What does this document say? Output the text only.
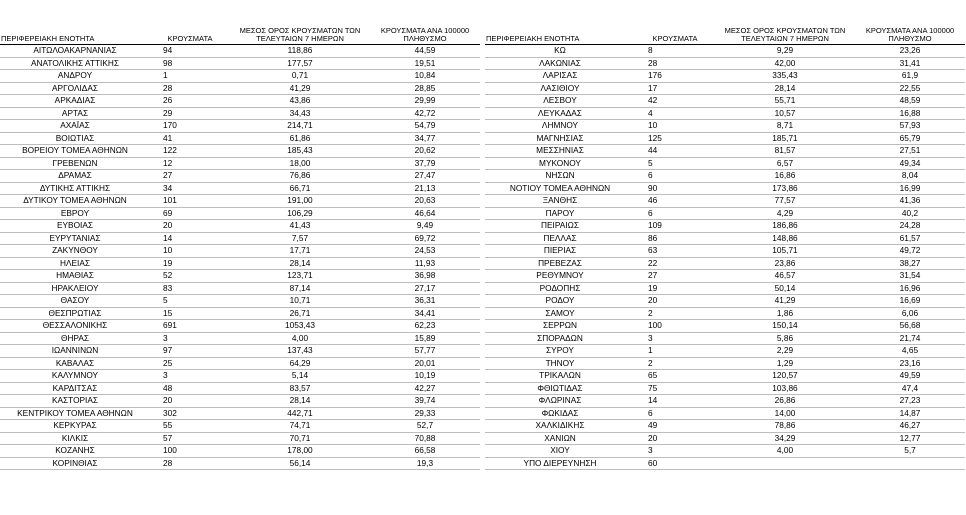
ΠΕΡΙΦΕΡΕΙΑΚΗ ΕΝΟΤΗΤΑ	ΚΡΟΥΣΜΑΤΑ	ΜΕΣΟΣ ΟΡΟΣ ΚΡΟΥΣΜΑΤΩΝ ΤΩΝ ΤΕΛΕΥΤΑΙΩΝ 7 ΗΜΕΡΩΝ	ΚΡΟΥΣΜΑΤΑ ΑΝΑ 100000 ΠΛΗΘΥΣΜΟ
ΑΙΤΩΛΟΑΚΑΡΝΑΝΙΑΣ	94	118,86	44,59
ΑΝΑΤΟΛΙΚΗΣ ΑΤΤΙΚΗΣ	98	177,57	19,51
ΑΝΔΡΟΥ	1	0,71	10,84
ΑΡΓΟΛΙΔΑΣ	28	41,29	28,85
ΑΡΚΑΔΙΑΣ	26	43,86	29,99
ΑΡΤΑΣ	29	34,43	42,72
ΑΧΑΪΑΣ	170	214,71	54,79
ΒΟΙΩΤΙΑΣ	41	61,86	34,77
ΒΟΡΕΙΟΥ ΤΟΜΕΑ ΑΘΗΝΩΝ	122	185,43	20,62
ΓΡΕΒΕΝΩΝ	12	18,00	37,79
ΔΡΑΜΑΣ	27	76,86	27,47
ΔΥΤΙΚΗΣ ΑΤΤΙΚΗΣ	34	66,71	21,13
ΔΥΤΙΚΟΥ ΤΟΜΕΑ ΑΘΗΝΩΝ	101	191,00	20,63
ΕΒΡΟΥ	69	106,29	46,64
ΕΥΒΟΙΑΣ	20	41,43	9,49
ΕΥΡΥΤΑΝΙΑΣ	14	7,57	69,72
ΖΑΚΥΝΘΟΥ	10	17,71	24,53
ΗΛΕΙΑΣ	19	28,14	11,93
ΗΜΑΘΙΑΣ	52	123,71	36,98
ΗΡΑΚΛΕΙΟΥ	83	87,14	27,17
ΘΑΣΟΥ	5	10,71	36,31
ΘΕΣΠΡΩΤΙΑΣ	15	26,71	34,41
ΘΕΣΣΑΛΟΝΙΚΗΣ	691	1053,43	62,23
ΘΗΡΑΣ	3	4,00	15,89
ΙΩΑΝΝΙΝΩΝ	97	137,43	57,77
ΚΑΒΑΛΑΣ	25	64,29	20,01
ΚΑΛΥΜΝΟΥ	3	5,14	10,19
ΚΑΡΔΙΤΣΑΣ	48	83,57	42,27
ΚΑΣΤΟΡΙΑΣ	20	28,14	39,74
ΚΕΝΤΡΙΚΟΥ ΤΟΜΕΑ ΑΘΗΝΩΝ	302	442,71	29,33
ΚΕΡΚΥΡΑΣ	55	74,71	52,7
ΚΙΛΚΙΣ	57	70,71	70,88
ΚΟΖΑΝΗΣ	100	178,00	66,58
ΚΟΡΙΝΘΙΑΣ	28	56,14	19,3
ΠΕΡΙΦΕΡΕΙΑΚΗ ΕΝΟΤΗΤΑ	ΚΡΟΥΣΜΑΤΑ	ΜΕΣΟΣ ΟΡΟΣ ΚΡΟΥΣΜΑΤΩΝ ΤΩΝ ΤΕΛΕΥΤΑΙΩΝ 7 ΗΜΕΡΩΝ	ΚΡΟΥΣΜΑΤΑ ΑΝΑ 100000 ΠΛΗΘΥΣΜΟ
ΚΩ	8	9,29	23,26
ΛΑΚΩΝΙΑΣ	28	42,00	31,41
ΛΑΡΙΣΑΣ	176	335,43	61,9
ΛΑΣΙΘΙΟΥ	17	28,14	22,55
ΛΕΣΒΟΥ	42	55,71	48,59
ΛΕΥΚΑΔΑΣ	4	10,57	16,88
ΛΗΜΝΟΥ	10	8,71	57,93
ΜΑΓΝΗΣΙΑΣ	125	185,71	65,79
ΜΕΣΣΗΝΙΑΣ	44	81,57	27,51
ΜΥΚΟΝΟΥ	5	6,57	49,34
ΝΗΣΩΝ	6	16,86	8,04
ΝΟΤΙΟΥ ΤΟΜΕΑ ΑΘΗΝΩΝ	90	173,86	16,99
ΞΑΝΘΗΣ	46	77,57	41,36
ΠΑΡΟΥ	6	4,29	40,2
ΠΕΙΡΑΙΩΣ	109	186,86	24,28
ΠΕΛΛΑΣ	86	148,86	61,57
ΠΙΕΡΙΑΣ	63	105,71	49,72
ΠΡΕΒΕΖΑΣ	22	23,86	38,27
ΡΕΘΥΜΝΟΥ	27	46,57	31,54
ΡΟΔΟΠΗΣ	19	50,14	16,96
ΡΟΔΟΥ	20	41,29	16,69
ΣΑΜΟΥ	2	1,86	6,06
ΣΕΡΡΩΝ	100	150,14	56,68
ΣΠΟΡΑΔΩΝ	3	5,86	21,74
ΣΥΡΟΥ	1	2,29	4,65
ΤΗΝΟΥ	2	1,29	23,16
ΤΡΙΚΑΛΩΝ	65	120,57	49,59
ΦΘΙΩΤΙΔΑΣ	75	103,86	47,4
ΦΛΩΡΙΝΑΣ	14	26,86	27,23
ΦΩΚΙΔΑΣ	6	14,00	14,87
ΧΑΛΚΙΔΙΚΗΣ	49	78,86	46,27
ΧΑΝΙΩΝ	20	34,29	12,77
ΧΙΟΥ	3	4,00	5,7
ΥΠΟ ΔΙΕΡΕΥΝΗΣΗ	60		
